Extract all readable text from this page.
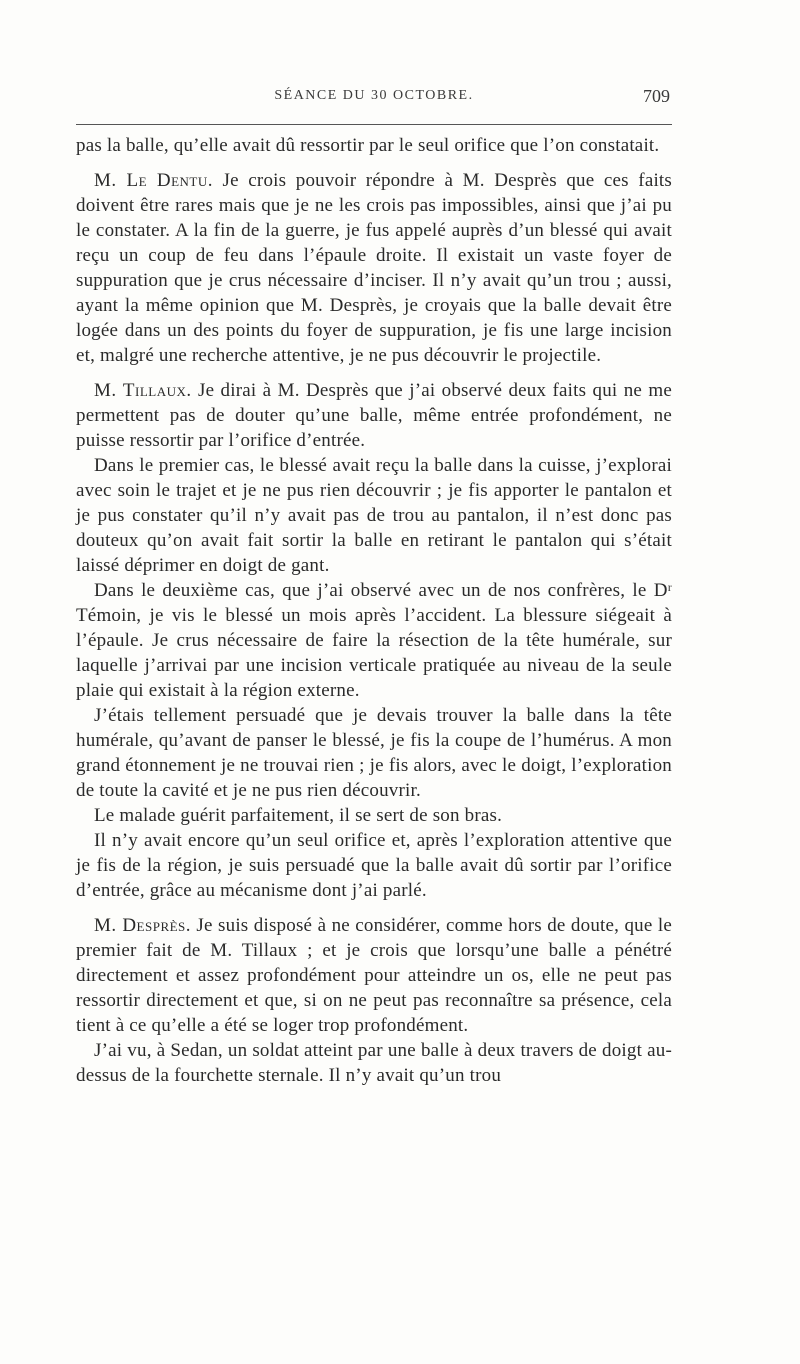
SÉANCE DU 30 OCTOBRE.	709

pas la balle, qu’elle avait dû ressortir par le seul orifice que l’on constatait.

M. Le Dentu. Je crois pouvoir répondre à M. Desprès que ces faits doivent être rares mais que je ne les crois pas impossibles, ainsi que j’ai pu le constater. A la fin de la guerre, je fus appelé auprès d’un blessé qui avait reçu un coup de feu dans l’épaule droite. Il existait un vaste foyer de suppuration que je crus nécessaire d’inciser. Il n’y avait qu’un trou ; aussi, ayant la même opinion que M. Desprès, je croyais que la balle devait être logée dans un des points du foyer de suppuration, je fis une large incision et, malgré une recherche attentive, je ne pus découvrir le projectile.

M. Tillaux. Je dirai à M. Desprès que j’ai observé deux faits qui ne me permettent pas de douter qu’une balle, même entrée profondément, ne puisse ressortir par l’orifice d’entrée.

Dans le premier cas, le blessé avait reçu la balle dans la cuisse, j’explorai avec soin le trajet et je ne pus rien découvrir ; je fis apporter le pantalon et je pus constater qu’il n’y avait pas de trou au pantalon, il n’est donc pas douteux qu’on avait fait sortir la balle en retirant le pantalon qui s’était laissé déprimer en doigt de gant.

Dans le deuxième cas, que j’ai observé avec un de nos confrères, le Dʳ Témoin, je vis le blessé un mois après l’accident. La blessure siégeait à l’épaule. Je crus nécessaire de faire la résection de la tête humérale, sur laquelle j’arrivai par une incision verticale pratiquée au niveau de la seule plaie qui existait à la région externe.

J’étais tellement persuadé que je devais trouver la balle dans la tête humérale, qu’avant de panser le blessé, je fis la coupe de l’humérus. A mon grand étonnement je ne trouvai rien ; je fis alors, avec le doigt, l’exploration de toute la cavité et je ne pus rien découvrir.

Le malade guérit parfaitement, il se sert de son bras.

Il n’y avait encore qu’un seul orifice et, après l’exploration attentive que je fis de la région, je suis persuadé que la balle avait dû sortir par l’orifice d’entrée, grâce au mécanisme dont j’ai parlé.

M. Desprès. Je suis disposé à ne considérer, comme hors de doute, que le premier fait de M. Tillaux ; et je crois que lorsqu’une balle a pénétré directement et assez profondément pour atteindre un os, elle ne peut pas ressortir directement et que, si on ne peut pas reconnaître sa présence, cela tient à ce qu’elle a été se loger trop profondément.

J’ai vu, à Sedan, un soldat atteint par une balle à deux travers de doigt au-dessus de la fourchette sternale. Il n’y avait qu’un trou
